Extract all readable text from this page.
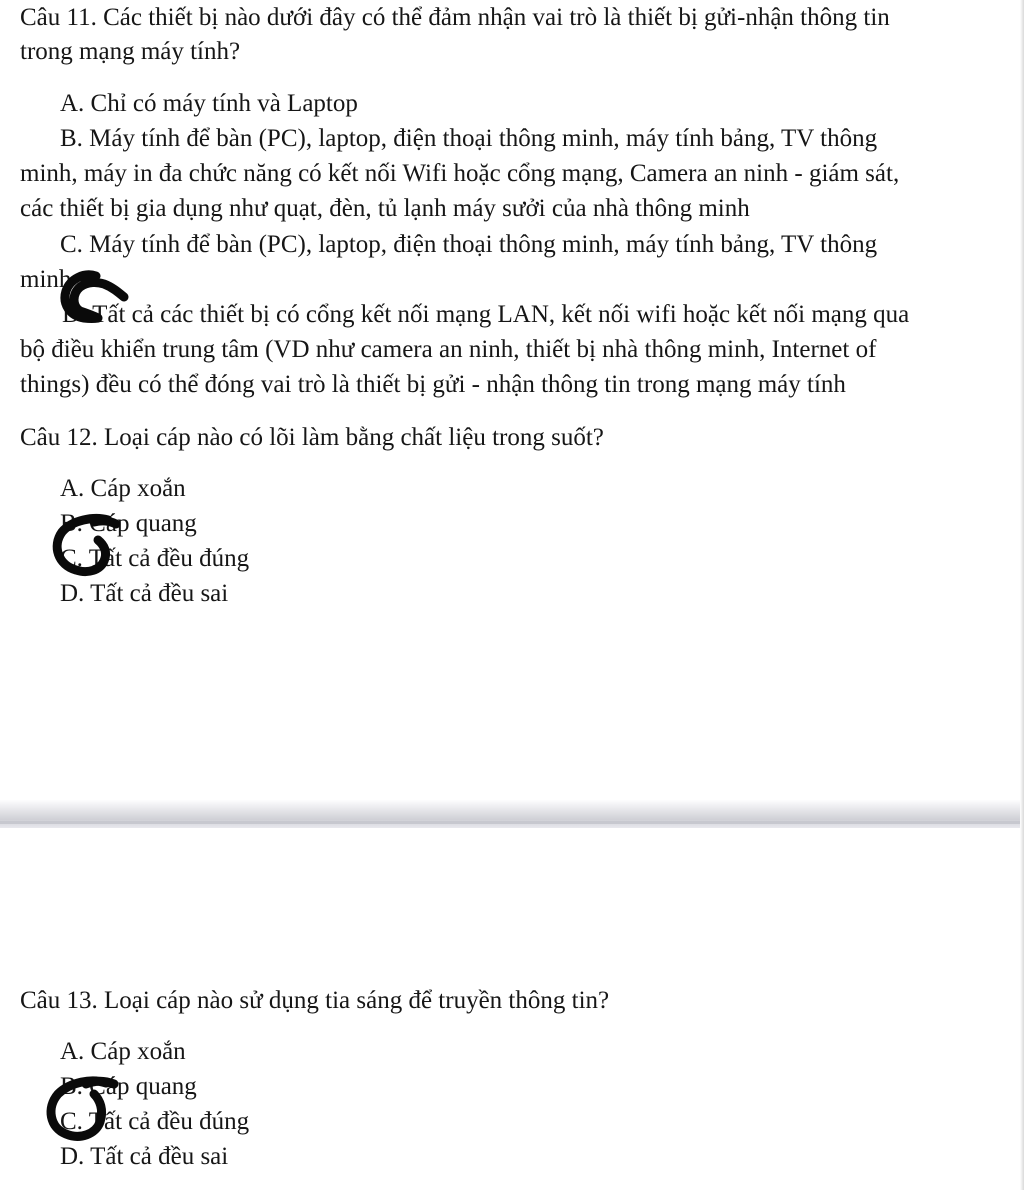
Câu 11. Các thiết bị nào dưới đây có thể đảm nhận vai trò là thiết bị gửi-nhận thông tin
trong mạng máy tính?
A. Chỉ có máy tính và Laptop
B. Máy tính để bàn (PC), laptop, điện thoại thông minh, máy tính bảng, TV thông
minh, máy in đa chức năng có kết nối Wifi hoặc cổng mạng, Camera an ninh - giám sát,
các thiết bị gia dụng như quạt, đèn, tủ lạnh máy sưởi của nhà thông minh
C. Máy tính để bàn (PC), laptop, điện thoại thông minh, máy tính bảng, TV thông
minh
D. Tất cả các thiết bị có cổng kết nối mạng LAN, kết nối wifi hoặc kết nối mạng qua
bộ điều khiển trung tâm (VD như camera an ninh, thiết bị nhà thông minh, Internet of
things) đều có thể đóng vai trò là thiết bị gửi - nhận thông tin trong mạng máy tính
Câu 12. Loại cáp nào có lõi làm bằng chất liệu trong suốt?
A. Cáp xoắn
B. Cáp quang
C. Tất cả đều đúng
D. Tất cả đều sai
Câu 13. Loại cáp nào sử dụng tia sáng để truyền thông tin?
A. Cáp xoắn
B. Cáp quang
C. Tất cả đều đúng
D. Tất cả đều sai
